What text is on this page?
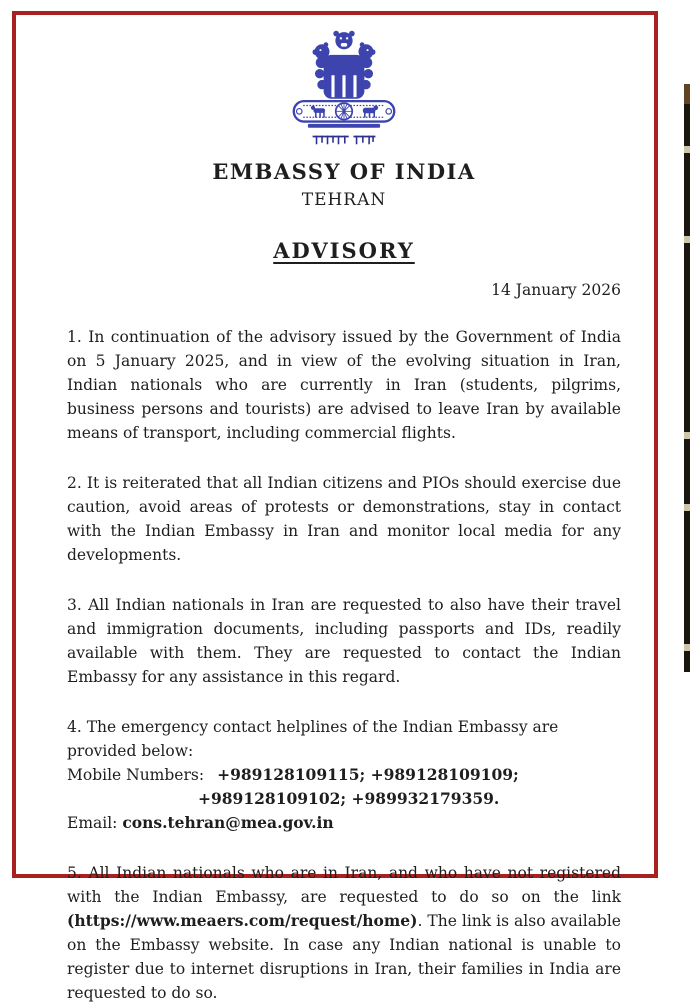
EMBASSY OF INDIA
TEHRAN
ADVISORY
14 January 2026
1. In continuation of the advisory issued by the Government of India on 5 January 2025, and in view of the evolving situation in Iran, Indian nationals who are currently in Iran (students, pilgrims, business persons and tourists) are advised to leave Iran by available means of transport, including commercial flights.
2. It is reiterated that all Indian citizens and PIOs should exercise due caution, avoid areas of protests or demonstrations, stay in contact with the Indian Embassy in Iran and monitor local media for any developments.
3. All Indian nationals in Iran are requested to also have their travel and immigration documents, including passports and IDs, readily available with them. They are requested to contact the Indian Embassy for any assistance in this regard.
4. The emergency contact helplines of the Indian Embassy are provided below:
Mobile Numbers: +989128109115; +989128109109;
+989128109102; +989932179359.
Email: cons.tehran@mea.gov.in
5. All Indian nationals who are in Iran, and who have not registered with the Indian Embassy, are requested to do so on the link (https://www.meaers.com/request/home). The link is also available on the Embassy website. In case any Indian national is unable to register due to internet disruptions in Iran, their families in India are requested to do so.
